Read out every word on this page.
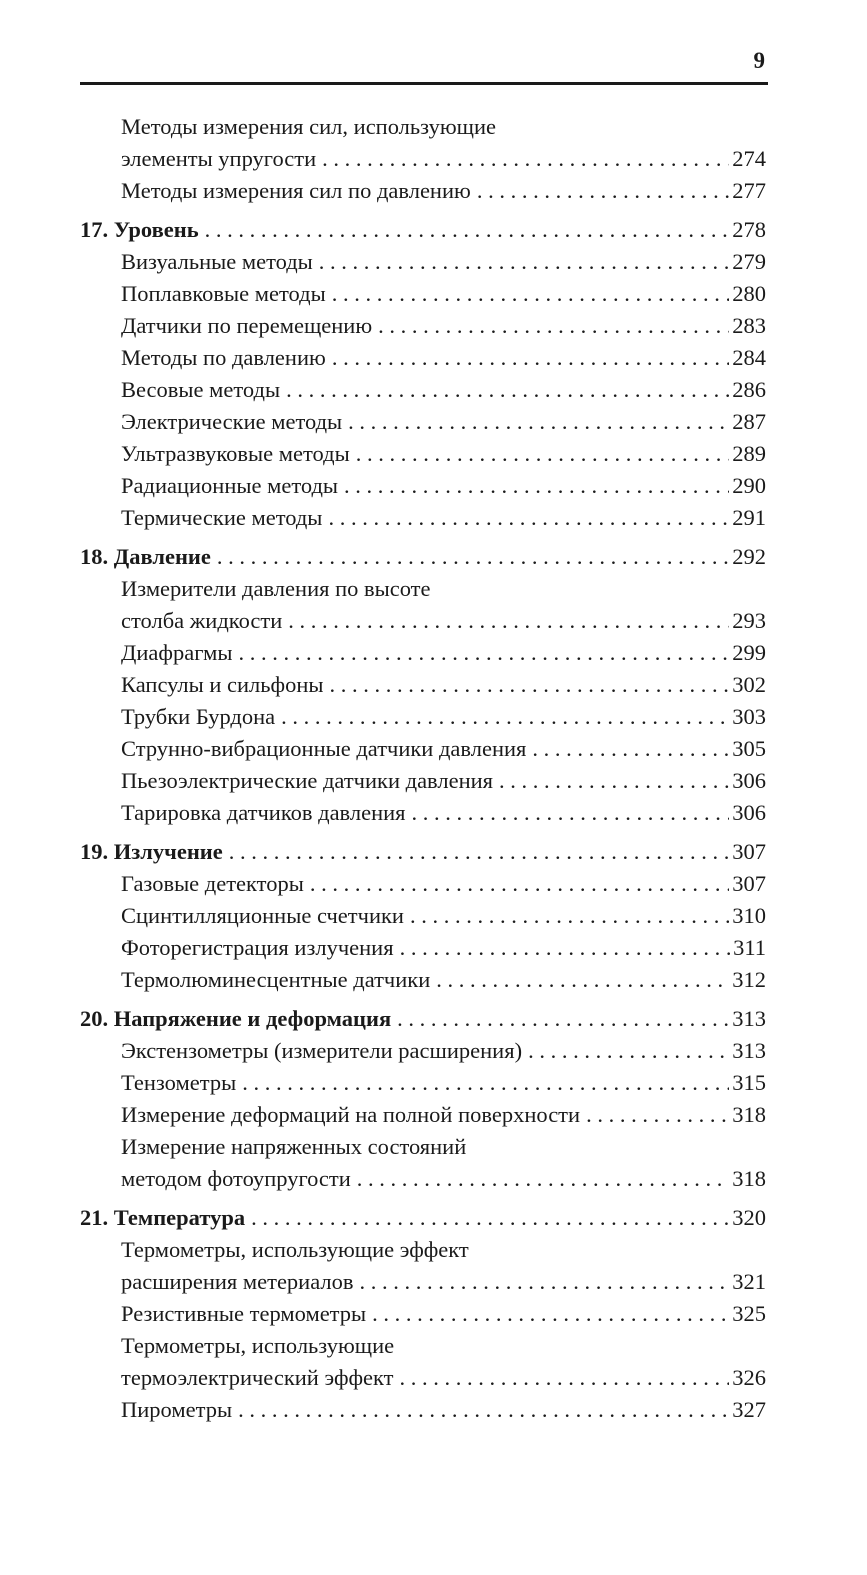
9
Методы измерения сил, использующие
элементы упругости . . .	274
Методы измерения сил по давлению . . .	277
17. Уровень . . .	278
Визуальные методы . . .	279
Поплавковые методы . . .	280
Датчики по перемещению . . .	283
Методы по давлению . . .	284
Весовые методы . . .	286
Электрические методы . . .	287
Ультразвуковые методы . . .	289
Радиационные методы . . .	290
Термические методы . . .	291
18. Давление . . .	292
Измерители давления по высоте
столба жидкости . . .	293
Диафрагмы . . .	299
Капсулы и сильфоны . . .	302
Трубки Бурдона . . .	303
Струнно-вибрационные датчики давления . . .	305
Пьезоэлектрические датчики давления . . .	306
Тарировка датчиков давления . . .	306
19. Излучение . . .	307
Газовые детекторы . . .	307
Сцинтилляционные счетчики . . .	310
Фоторегистрация излучения . . .	311
Термолюминесцентные датчики . . .	312
20. Напряжение и деформация . . .	313
Экстензометры (измерители расширения) . . .	313
Тензометры . . .	315
Измерение деформаций на полной поверхности . . .	318
Измерение напряженных состояний
методом фотоупругости . . .	318
21. Температура . . .	320
Термометры, использующие эффект
расширения метериалов . . .	321
Резистивные термометры . . .	325
Термометры, использующие
термоэлектрический эффект . . .	326
Пирометры . . .	327
